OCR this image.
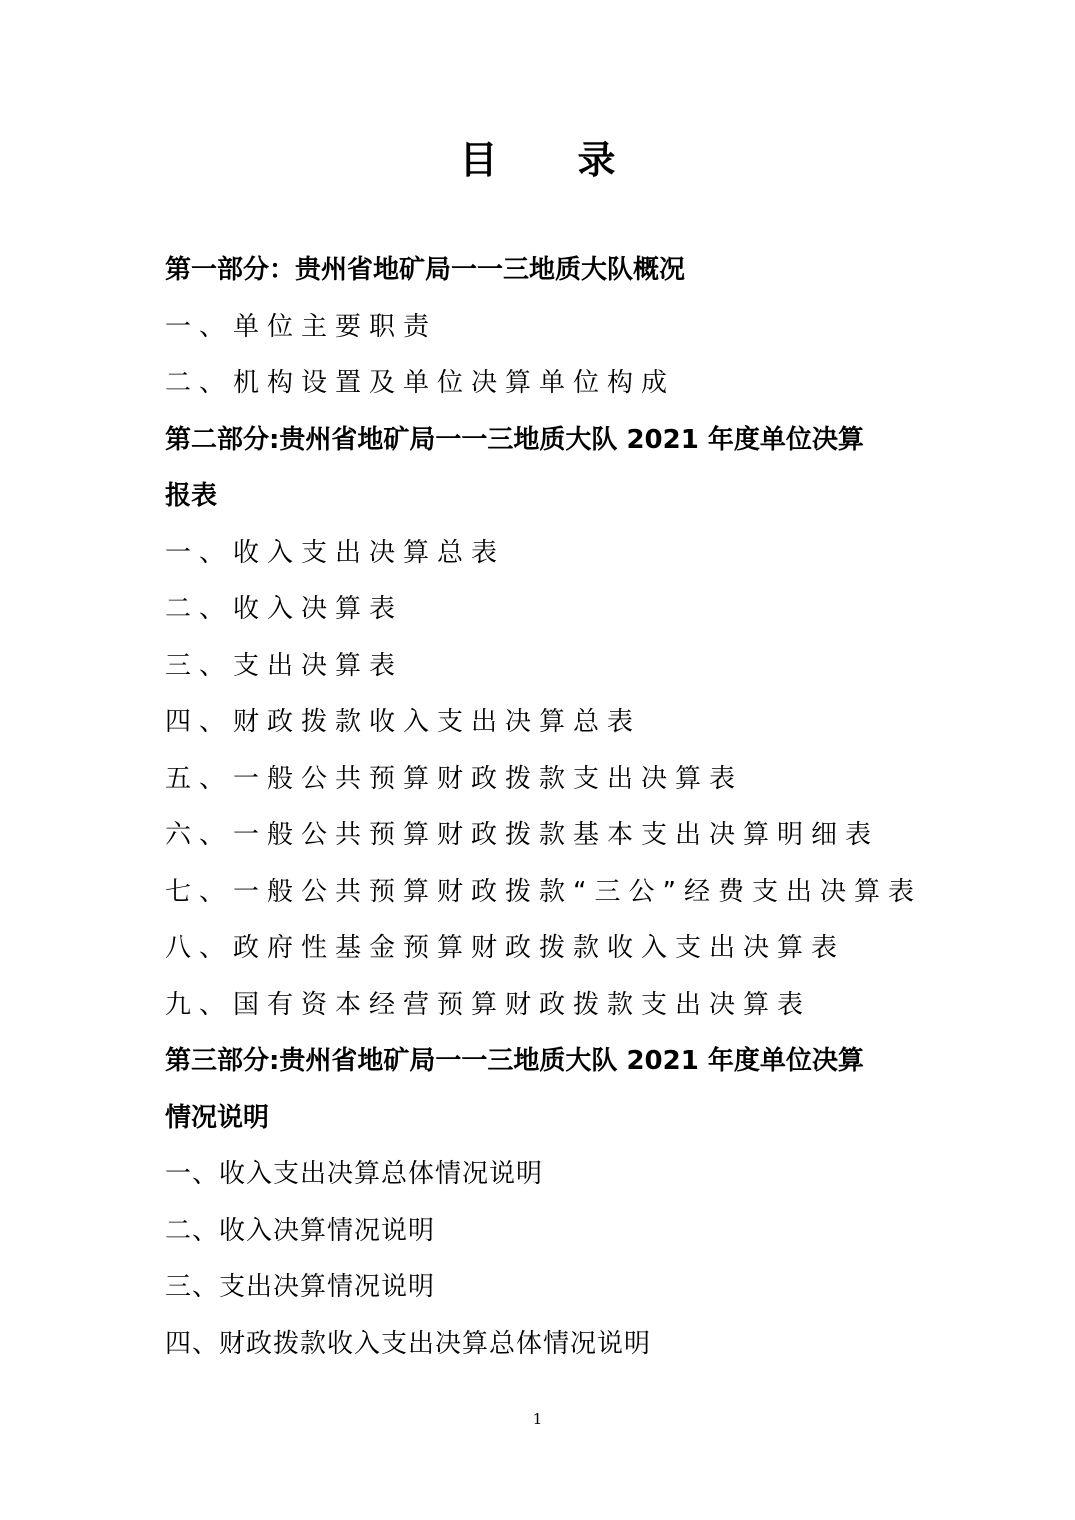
目 录
第一部分：贵州省地矿局一一三地质大队概况
一、单位主要职责
二、机构设置及单位决算单位构成
第二部分:贵州省地矿局一一三地质大队 2021 年度单位决算
报表
一、收入支出决算总表
二、收入决算表
三、支出决算表
四、财政拨款收入支出决算总表
五、一般公共预算财政拨款支出决算表
六、一般公共预算财政拨款基本支出决算明细表
七、一般公共预算财政拨款“三公”经费支出决算表
八、政府性基金预算财政拨款收入支出决算表
九、国有资本经营预算财政拨款支出决算表
第三部分:贵州省地矿局一一三地质大队 2021 年度单位决算
情况说明
一、收入支出决算总体情况说明
二、收入决算情况说明
三、支出决算情况说明
四、财政拨款收入支出决算总体情况说明
1
